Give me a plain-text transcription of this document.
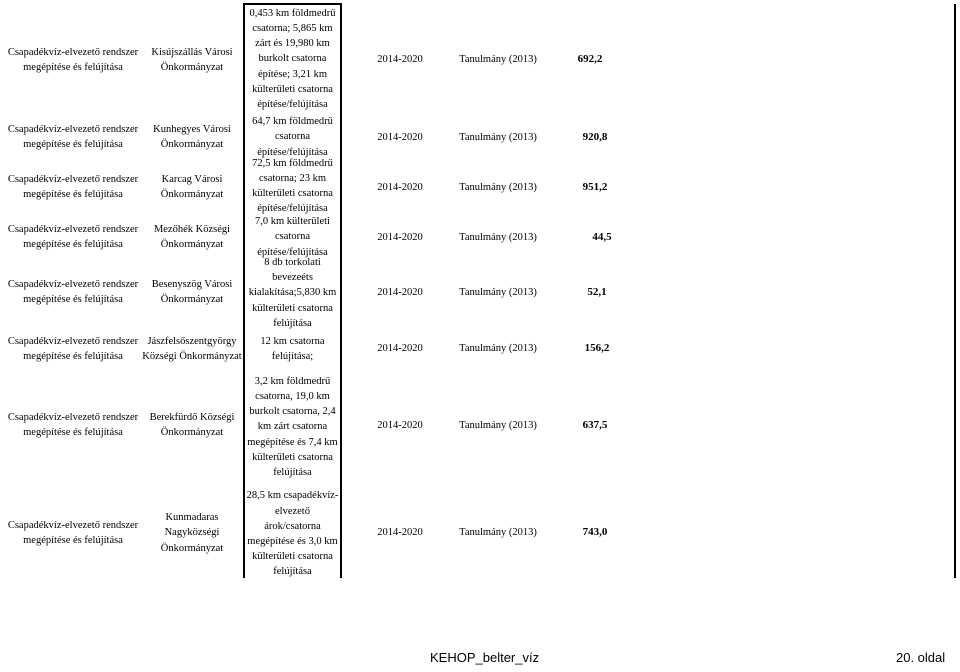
Csapadékvíz-elvezető rendszer megépítése és felújítása
Kisújszállás Városi Önkormányzat
0,453 km földmedrű csatorna; 5,865 km zárt és 19,980 km burkolt csatorna építése; 3,21 km külterületi csatorna építése/felújítása
2014-2020	Tanulmány (2013)	692,2
Csapadékvíz-elvezető rendszer megépítése és felújítása
Kunhegyes Városi Önkormányzat
64,7 km földmedrű csatorna építése/felújítása
2014-2020	Tanulmány (2013)	920,8
Csapadékvíz-elvezető rendszer megépítése és felújítása
Karcag Városi Önkormányzat
72,5 km földmedrű csatorna; 23 km külterületi csatorna építése/felújítása
2014-2020	Tanulmány (2013)	951,2
Csapadékvíz-elvezető rendszer megépítése és felújítása
Mezőhék Községi Önkormányzat
7,0 km külterületi csatorna építése/felújítása
2014-2020	Tanulmány (2013)	44,5
Csapadékvíz-elvezető rendszer megépítése és felújítása
Besenyszög Városi Önkormányzat
8 db torkolati bevezeéts kialakítása;5,830 km külterületi csatorna felújítása
2014-2020	Tanulmány (2013)	52,1
Csapadékvíz-elvezető rendszer megépítése és felújítása
Jászfelsőszentgyörgy Községi Önkormányzat
12 km csatorna felújítása;
2014-2020	Tanulmány (2013)	156,2
Csapadékvíz-elvezető rendszer megépítése és felújítása
Berekfürdő Községi Önkormányzat
3,2 km földmedrű csatorna, 19,0 km burkolt csatorna, 2,4 km zárt csatorna megépítése és 7,4 km külterületi csatorna felújítása
2014-2020	Tanulmány (2013)	637,5
Csapadékvíz-elvezető rendszer megépítése és felújítása
Kunmadaras Nagyközségi Önkormányzat
28,5 km csapadékvíz-elvezető árok/csatorna megépítése és 3,0 km külterületi csatorna felújítása
2014-2020	Tanulmány (2013)	743,0
KEHOP_belter_víz	20. oldal
